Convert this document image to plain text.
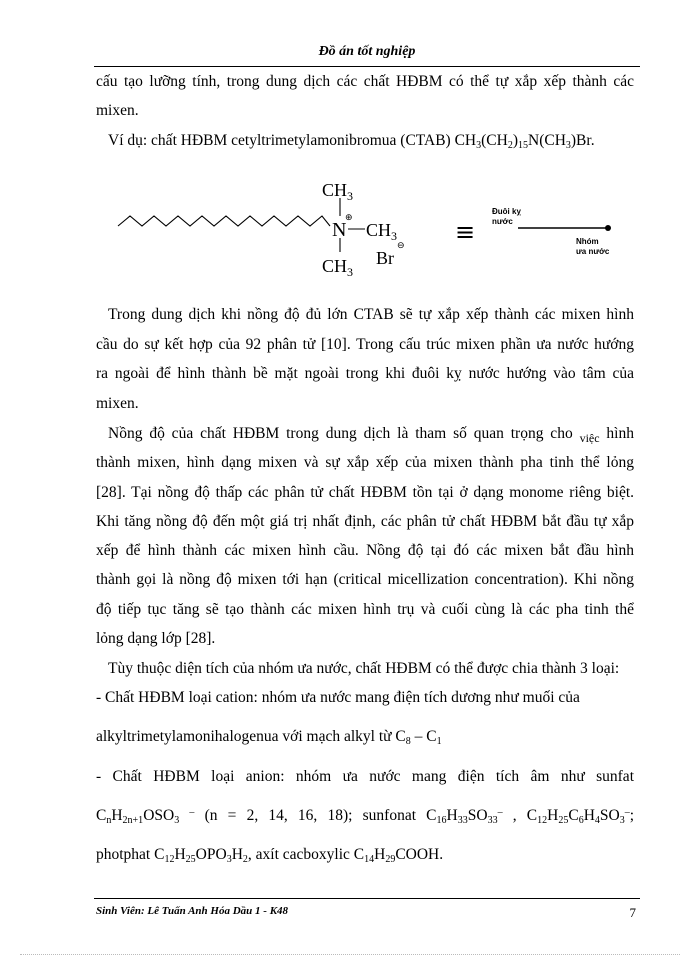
Đồ án tốt nghiệp
cấu tạo lưỡng tính, trong dung dịch các chất HĐBM có thể tự xắp xếp thành các
mixen.
Ví dụ: chất HĐBM cetyltrimetylamonibromua (CTAB) $CH_3(CH_2)_{15}N(CH_3)Br$.
N
⊕
$CH_3$
$CH_3$
$CH_3$
Br
⊖ ≡
Đuôi kỵ
nước
Nhóm
ưa nước
Trong dung dịch khi nồng độ đủ lớn CTAB sẽ tự xắp xếp thành các mixen hình
cầu do sự kết hợp của 92 phân tử [10]. Trong cấu trúc mixen phần ưa nước hướng
ra ngoài để hình thành bề mặt ngoài trong khi đuôi kỵ nước hướng vào tâm của
mixen.
Nồng độ của chất HĐBM trong dung dịch là tham số quan trọng cho $_{việc}$ hình
thành mixen, hình dạng mixen và sự xắp xếp của mixen thành pha tinh thể lỏng
[28]. Tại nồng độ thấp các phân tử chất HĐBM tồn tại ở dạng monome riêng biệt.
Khi tăng nồng độ đến một giá trị nhất định, các phân tử chất HĐBM bắt đầu tự xắp
xếp để hình thành các mixen hình cầu. Nồng độ tại đó các mixen bắt đầu hình
thành gọi là nồng độ mixen tới hạn (critical micellization concentration). Khi nồng
độ tiếp tục tăng sẽ tạo thành các mixen hình trụ và cuối cùng là các pha tinh thể
lỏng dạng lớp [28].
Tùy thuộc diện tích của nhóm ưa nước, chất HĐBM có thể được chia thành 3 loại:
- Chất HĐBM loại cation: nhóm ưa nước mang điện tích dương như muối của
alkyltrimetylamonihalogenua với mạch alkyl từ $C_8 - C_1$
- Chất HĐBM loại anion: nhóm ưa nước mang điện tích âm như sunfat
$C_nH_{2n+1}OSO_3$ – (n = 2, 14, 16, 18); sunfonat $C_{16}H_{33}SO_{33}^-$ , $C_{12}H_{25}C_6H_4SO_3^-$;
photphat $C_{12}H_{25}OPO_3H_2$, axít cacboxylic $C_{14}H_{29}COOH$.
Sinh Viên: Lê Tuấn Anh Hóa Dầu 1 - K48	7
